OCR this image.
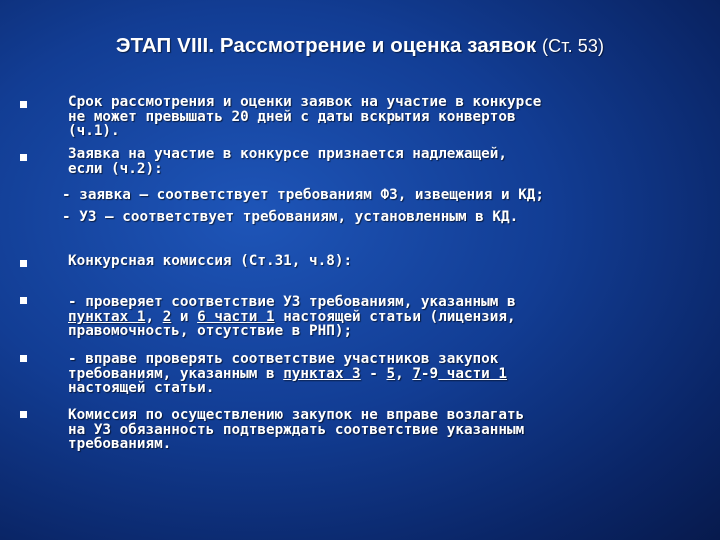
ЭТАП VIII. Рассмотрение и оценка заявок (Ст. 53)
Срок рассмотрения и оценки заявок на участие в конкурсе
не может превышать 20 дней с даты вскрытия конвертов
(ч.1).
Заявка на участие в конкурсе признается надлежащей,
если (ч.2):
- заявка – соответствует требованиям ФЗ, извещения и КД;
- УЗ – соответствует требованиям, установленным в КД.
Конкурсная комиссия (Ст.31, ч.8):
- проверяет соответствие УЗ требованиям, указанным в
пунктах 1, 2 и 6 части 1 настоящей статьи (лицензия,
правомочность, отсутствие в РНП);
- вправе проверять соответствие участников закупок
требованиям, указанным в пунктах 3 - 5, 7-9 части 1
настоящей статьи.
Комиссия по осуществлению закупок не вправе возлагать
на УЗ обязанность подтверждать соответствие указанным
требованиям.
